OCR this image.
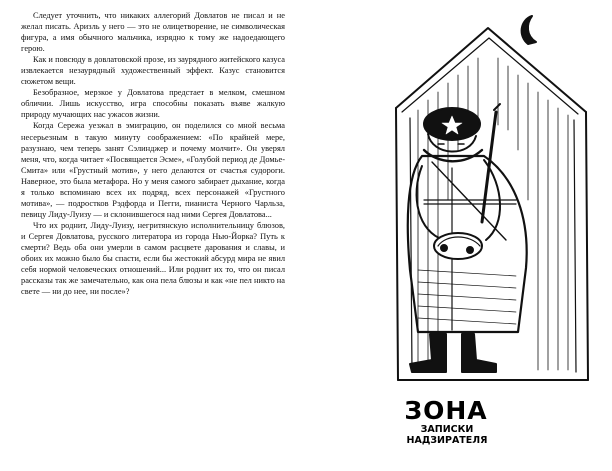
Следует уточнить, что никаких аллегорий Довлатов не писал и не желал писать. Аризль у него — это не олицетворение, не символическая фигура, а имя обычного мальчика, изрядно к тому же надоедающего герою.

Как и повсюду в довлатовской прозе, из заурядного житейского казуса извлекается незаурядный художественный эффект. Казус становится сюжетом вещи.

Безобразное, мерзкое у Довлатова предстает в мелком, смешном обличии. Лишь искусство, игра способны показать въяве жалкую природу мучающих нас ужасов жизни.

Когда Сережа уезжал в эмиграцию, он поделился со мной весьма несерьезным в такую минуту соображением: «По крайней мере, разузнаю, чем теперь занят Сэлинджер и почему молчит». Он уверял меня, что, когда читает «Посвящается Эсме», «Голубой период де Домье-Смита» или «Грустный мотив», у него делаются от счастья судороги. Наверное, это была метафора. Но у меня самого забирает дыхание, когда я только вспоминаю всех их подряд, всех персонажей «Грустного мотива», — подростков Рэдфорда и Пегги, пианиста Черного Чарльза, певицу Лиду-Луизу — и склонившегося над ними Сергея Довлатова...

Что их роднит, Лиду-Луизу, негритянскую исполнительницу блюзов, и Сергея Довлатова, русского литератора из города Нью-Йорка? Путь к смерти? Ведь оба они умерли в самом расцвете дарования и славы, и обоих их можно было бы спасти, если бы жестокий абсурд мира не явил себя нормой человеческих отношений... Или роднит их то, что он писал рассказы так же замечательно, как она пела блюзы и как «не пел никто на свете — ни до нее, ни после»?

ЗОНА
ЗАПИСКИ НАДЗИРАТЕЛЯ
